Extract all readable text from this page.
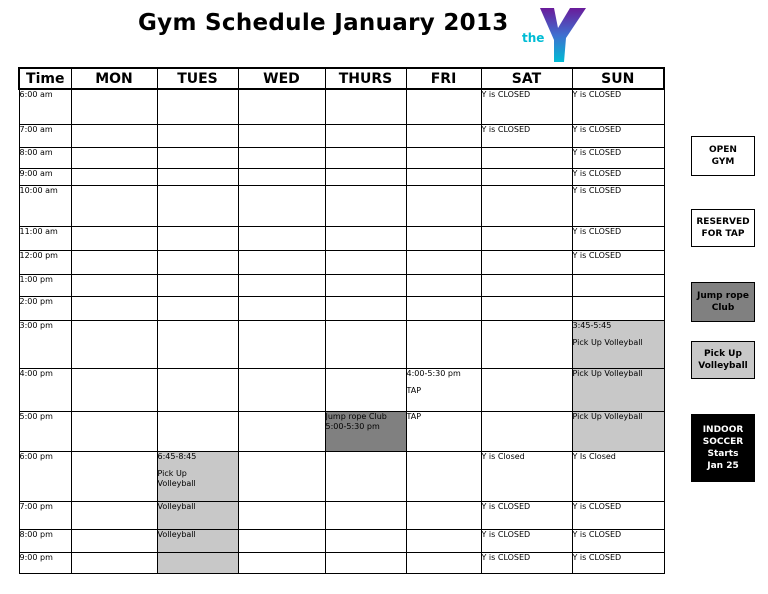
Gym Schedule January 2013
the
Time	MON	TUES	WED	THURS	FRI	SAT	SUN
6:00 am						Y is CLOSED	Y is CLOSED

7:00 am						Y is CLOSED	Y is CLOSED

8:00 am							Y is CLOSED

9:00 am							Y is CLOSED

10:00 am							Y is CLOSED

11:00 am							Y is CLOSED

12:00 pm							Y is CLOSED

1:00 pm							
2:00 pm							
3:00 pm							3:45-5:45
Pick Up Volleyball

4:00 pm					4:00-5:30 pm
TAP		Pick Up Volleyball

5:00 pm				Jump rope Club
5:00-5:30 pm	TAP		Pick Up Volleyball

6:00 pm		6:45-8:45
Pick Up
Volleyball				Y is Closed	Y Is Closed

7:00 pm		Volleyball				Y is CLOSED	Y is CLOSED

8:00 pm		Volleyball				Y is CLOSED	Y is CLOSED

9:00 pm						Y is CLOSED	Y is CLOSED
OPEN
GYM
RESERVED
FOR TAP
Jump rope
Club
Pick Up
Volleyball
INDOOR
SOCCER
Starts
Jan 25
